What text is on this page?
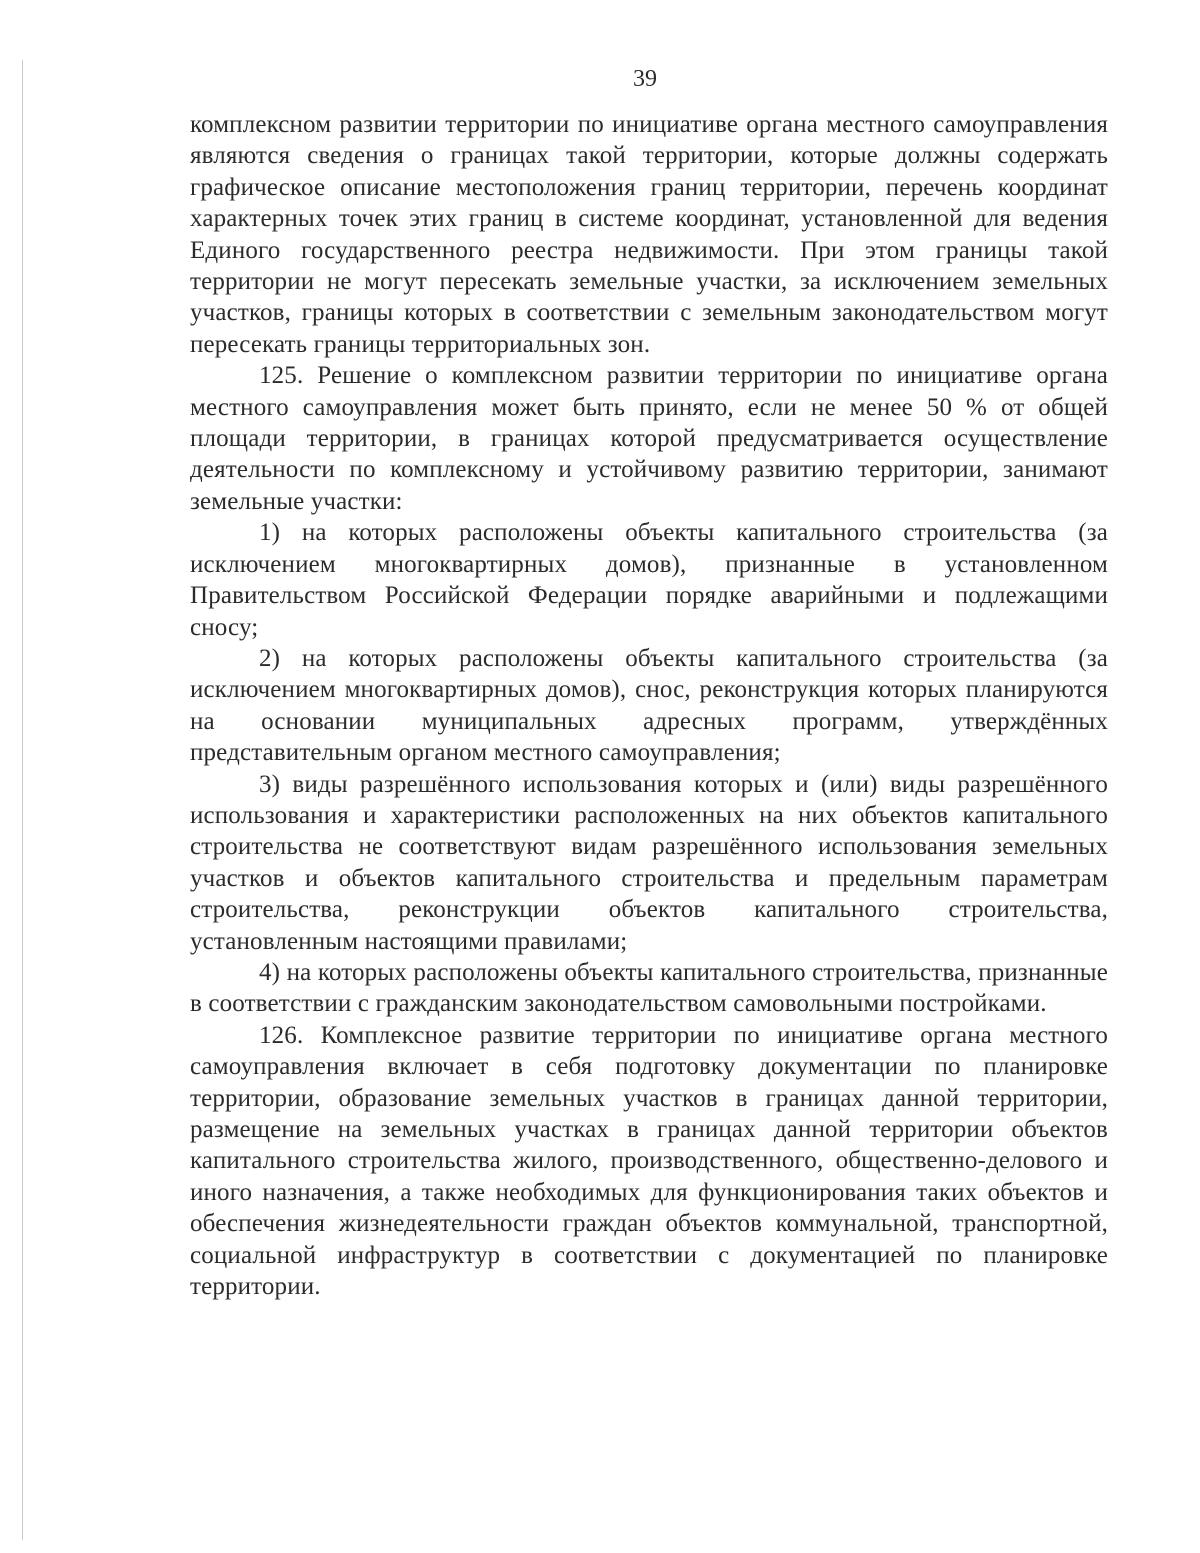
39

комплексном развитии территории по инициативе органа местного самоуправления являются сведения о границах такой территории, которые должны содержать графическое описание местоположения границ территории, перечень координат характерных точек этих границ в системе координат, установленной для ведения Единого государственного реестра недвижимости. При этом границы такой территории не могут пересекать земельные участки, за исключением земельных участков, границы которых в соответствии с земельным законодательством могут пересекать границы территориальных зон.

125. Решение о комплексном развитии территории по инициативе органа местного самоуправления может быть принято, если не менее 50 % от общей площади территории, в границах которой предусматривается осуществление деятельности по комплексному и устойчивому развитию территории, занимают земельные участки:

1) на которых расположены объекты капитального строительства (за исключением многоквартирных домов), признанные в установленном Правительством Российской Федерации порядке аварийными и подлежащими сносу;

2) на которых расположены объекты капитального строительства (за исключением многоквартирных домов), снос, реконструкция которых планируются на основании муниципальных адресных программ, утверждённых представительным органом местного самоуправления;

3) виды разрешённого использования которых и (или) виды разрешённого использования и характеристики расположенных на них объектов капитального строительства не соответствуют видам разрешённого использования земельных участков и объектов капитального строительства и предельным параметрам строительства, реконструкции объектов капитального строительства, установленным настоящими правилами;

4) на которых расположены объекты капитального строительства, признанные в соответствии с гражданским законодательством самовольными постройками.

126. Комплексное развитие территории по инициативе органа местного самоуправления включает в себя подготовку документации по планировке территории, образование земельных участков в границах данной территории, размещение на земельных участках в границах данной территории объектов капитального строительства жилого, производственного, общественно-делового и иного назначения, а также необходимых для функционирования таких объектов и обеспечения жизнедеятельности граждан объектов коммунальной, транспортной, социальной инфраструктур в соответствии с документацией по планировке территории.
